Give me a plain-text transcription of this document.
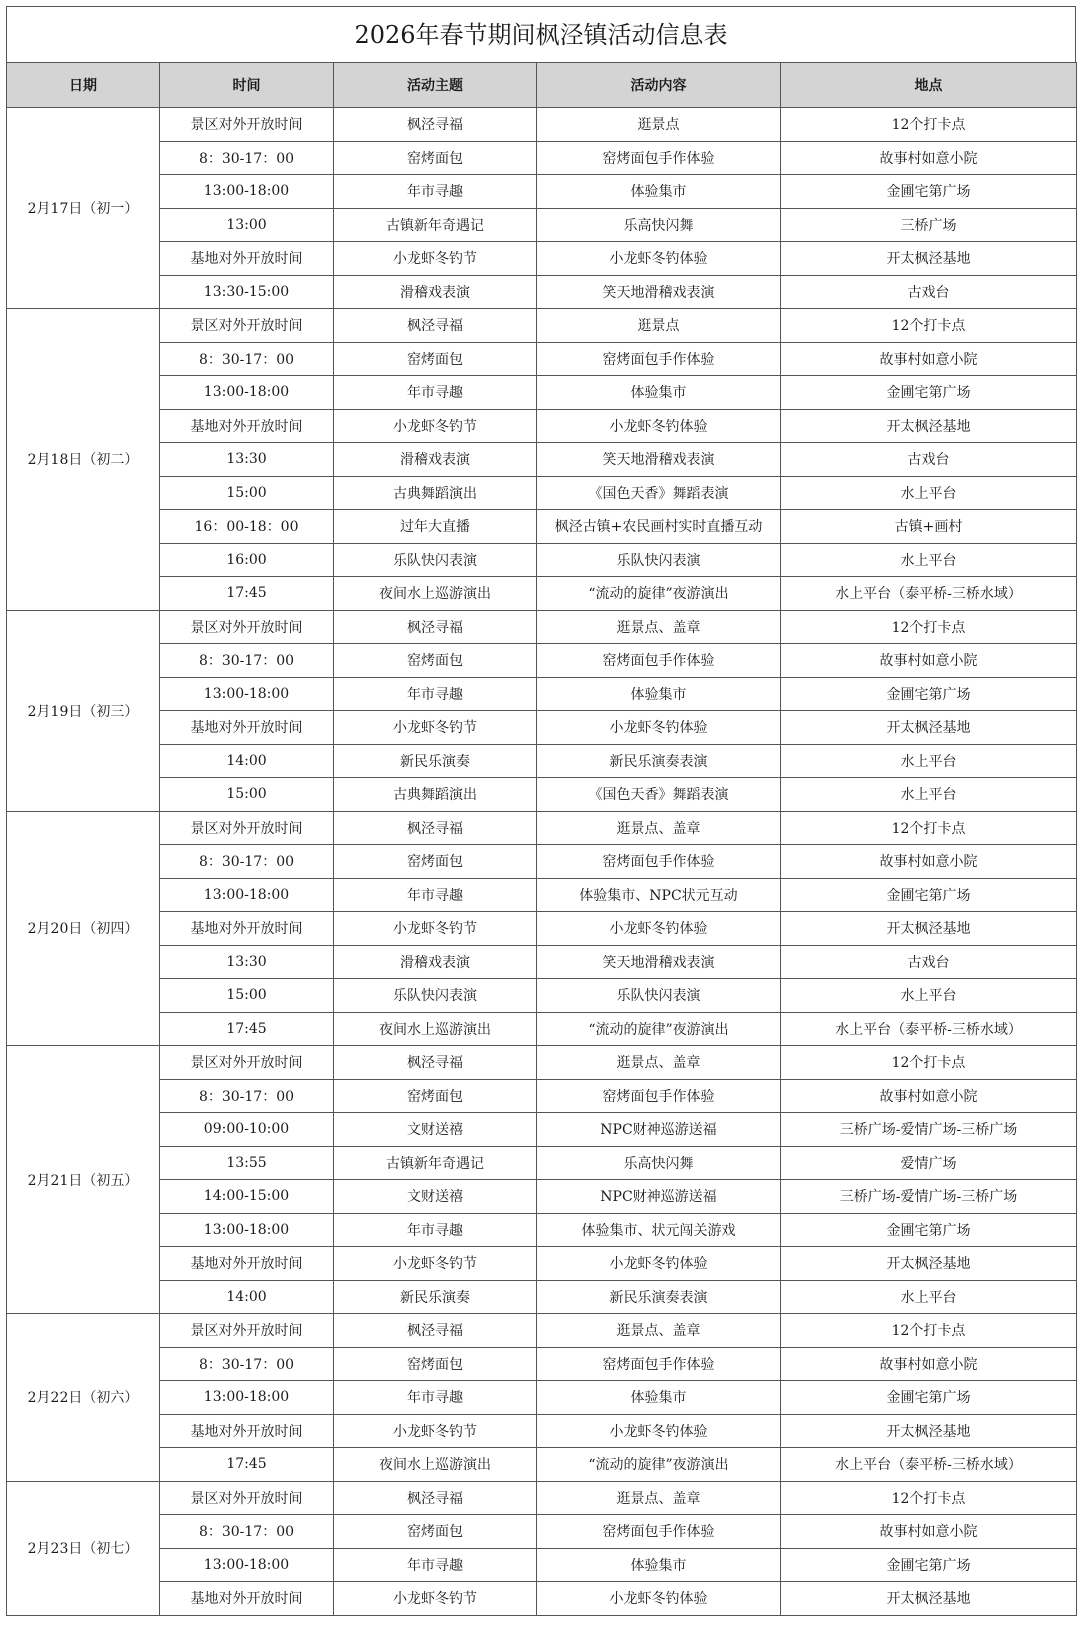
2026年春节期间枫泾镇活动信息表
日期	时间	活动主题	活动内容	地点
2月17日（初一）	景区对外开放时间	枫泾寻福	逛景点	12个打卡点
	8：30-17：00	窑烤面包	窑烤面包手作体验	故事村如意小院
	13:00-18:00	年市寻趣	体验集市	金圃宅第广场
	13:00	古镇新年奇遇记	乐高快闪舞	三桥广场
	基地对外开放时间	小龙虾冬钓节	小龙虾冬钓体验	开太枫泾基地
	13:30-15:00	滑稽戏表演	笑天地滑稽戏表演	古戏台
2月18日（初二）	景区对外开放时间	枫泾寻福	逛景点	12个打卡点
	8：30-17：00	窑烤面包	窑烤面包手作体验	故事村如意小院
	13:00-18:00	年市寻趣	体验集市	金圃宅第广场
	基地对外开放时间	小龙虾冬钓节	小龙虾冬钓体验	开太枫泾基地
	13:30	滑稽戏表演	笑天地滑稽戏表演	古戏台
	15:00	古典舞蹈演出	《国色天香》舞蹈表演	水上平台
	16：00-18：00	过年大直播	枫泾古镇+农民画村实时直播互动	古镇+画村
	16:00	乐队快闪表演	乐队快闪表演	水上平台
	17:45	夜间水上巡游演出	“流动的旋律”夜游演出	水上平台（泰平桥-三桥水域）
2月19日（初三）	景区对外开放时间	枫泾寻福	逛景点、盖章	12个打卡点
	8：30-17：00	窑烤面包	窑烤面包手作体验	故事村如意小院
	13:00-18:00	年市寻趣	体验集市	金圃宅第广场
	基地对外开放时间	小龙虾冬钓节	小龙虾冬钓体验	开太枫泾基地
	14:00	新民乐演奏	新民乐演奏表演	水上平台
	15:00	古典舞蹈演出	《国色天香》舞蹈表演	水上平台
2月20日（初四）	景区对外开放时间	枫泾寻福	逛景点、盖章	12个打卡点
	8：30-17：00	窑烤面包	窑烤面包手作体验	故事村如意小院
	13:00-18:00	年市寻趣	体验集市、NPC状元互动	金圃宅第广场
	基地对外开放时间	小龙虾冬钓节	小龙虾冬钓体验	开太枫泾基地
	13:30	滑稽戏表演	笑天地滑稽戏表演	古戏台
	15:00	乐队快闪表演	乐队快闪表演	水上平台
	17:45	夜间水上巡游演出	“流动的旋律”夜游演出	水上平台（泰平桥-三桥水域）
2月21日（初五）	景区对外开放时间	枫泾寻福	逛景点、盖章	12个打卡点
	8：30-17：00	窑烤面包	窑烤面包手作体验	故事村如意小院
	09:00-10:00	文财送禧	NPC财神巡游送福	三桥广场-爱情广场-三桥广场
	13:55	古镇新年奇遇记	乐高快闪舞	爱情广场
	14:00-15:00	文财送禧	NPC财神巡游送福	三桥广场-爱情广场-三桥广场
	13:00-18:00	年市寻趣	体验集市、状元闯关游戏	金圃宅第广场
	基地对外开放时间	小龙虾冬钓节	小龙虾冬钓体验	开太枫泾基地
	14:00	新民乐演奏	新民乐演奏表演	水上平台
2月22日（初六）	景区对外开放时间	枫泾寻福	逛景点、盖章	12个打卡点
	8：30-17：00	窑烤面包	窑烤面包手作体验	故事村如意小院
	13:00-18:00	年市寻趣	体验集市	金圃宅第广场
	基地对外开放时间	小龙虾冬钓节	小龙虾冬钓体验	开太枫泾基地
	17:45	夜间水上巡游演出	“流动的旋律”夜游演出	水上平台（泰平桥-三桥水域）
2月23日（初七）	景区对外开放时间	枫泾寻福	逛景点、盖章	12个打卡点
	8：30-17：00	窑烤面包	窑烤面包手作体验	故事村如意小院
	13:00-18:00	年市寻趣	体验集市	金圃宅第广场
	基地对外开放时间	小龙虾冬钓节	小龙虾冬钓体验	开太枫泾基地
